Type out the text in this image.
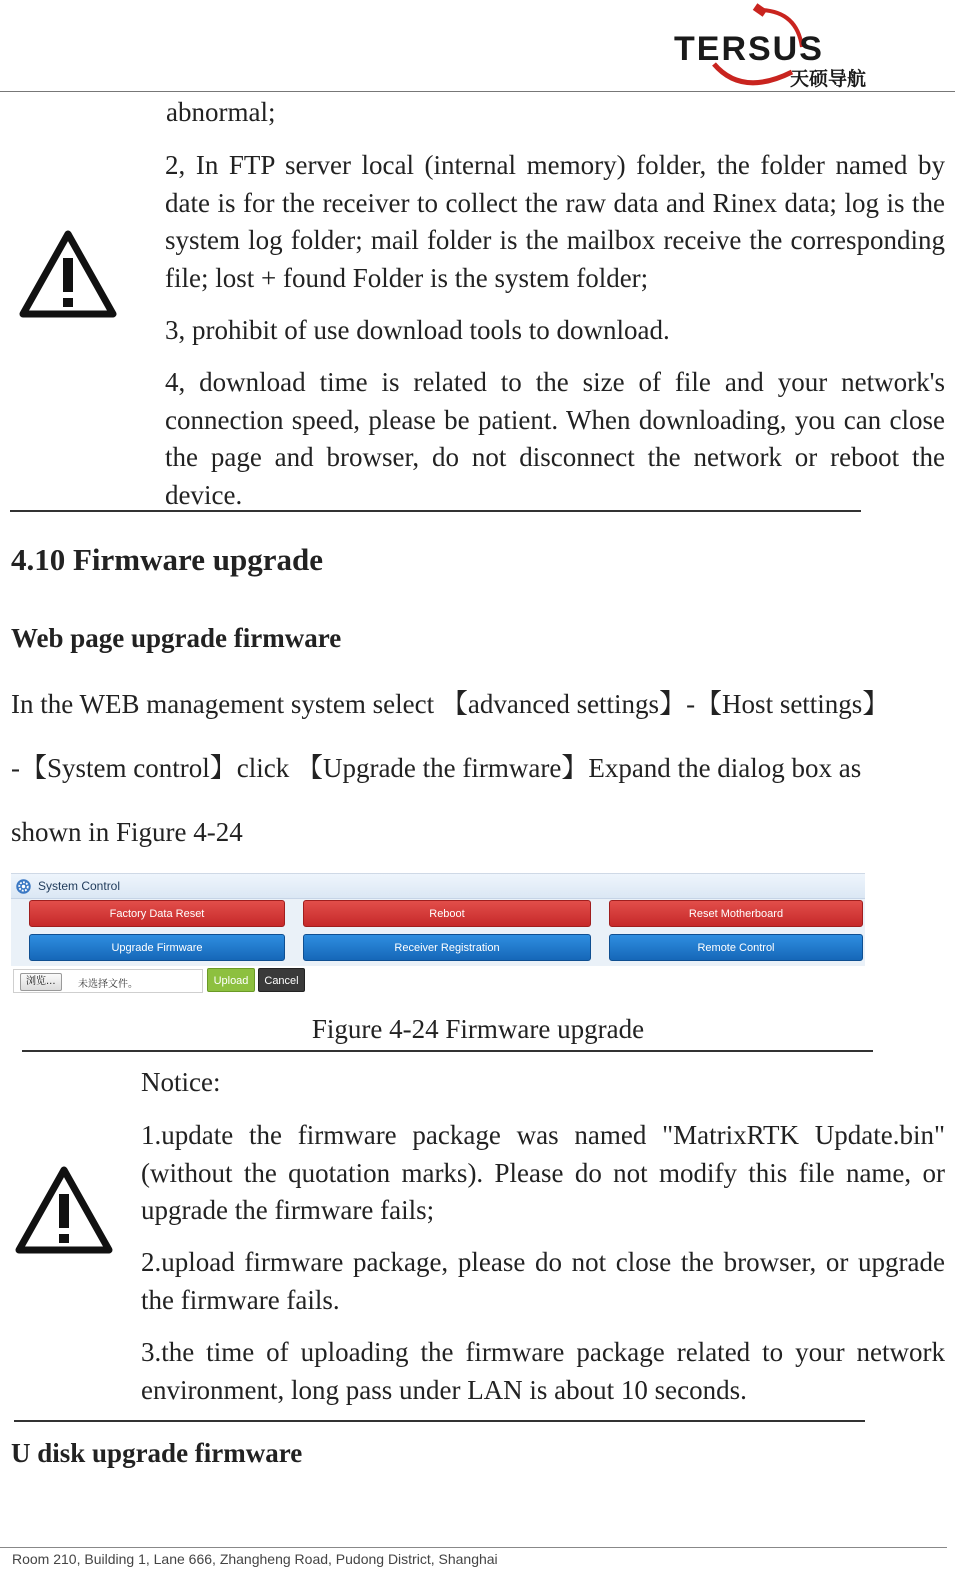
TERSUS
天硕导航
abnormal;
2, In FTP server local (internal memory) folder, the folder named by date is for the receiver to collect the raw data and Rinex data; log is the system log folder; mail folder is the mailbox receive the corresponding file; lost + found Folder is the system folder;
3, prohibit of use download tools to download.
4, download time is related to the size of file and your network's connection speed, please be patient. When downloading, you can close the page and browser, do not disconnect the network or reboot the device.
4.10 Firmware upgrade
Web page upgrade firmware
In the WEB management system select 【advanced settings】-【Host settings】
-【System control】click 【Upgrade the firmware】Expand the dialog box as
shown in Figure 4-24
System Control
Factory Data Reset	Reboot	Reset Motherboard
Upgrade Firmware	Receiver Registration	Remote Control
浏览...	未选择文件。	Upload	Cancel
Figure 4-24 Firmware upgrade
Notice:
1.update the firmware package was named "MatrixRTK Update.bin" (without the quotation marks). Please do not modify this file name, or upgrade the firmware fails;
2.upload firmware package, please do not close the browser, or upgrade the firmware fails.
3.the time of uploading the firmware package related to your network environment, long pass under LAN is about 10 seconds.
U disk upgrade firmware
Room 210, Building 1, Lane 666, Zhangheng Road, Pudong District, Shanghai
